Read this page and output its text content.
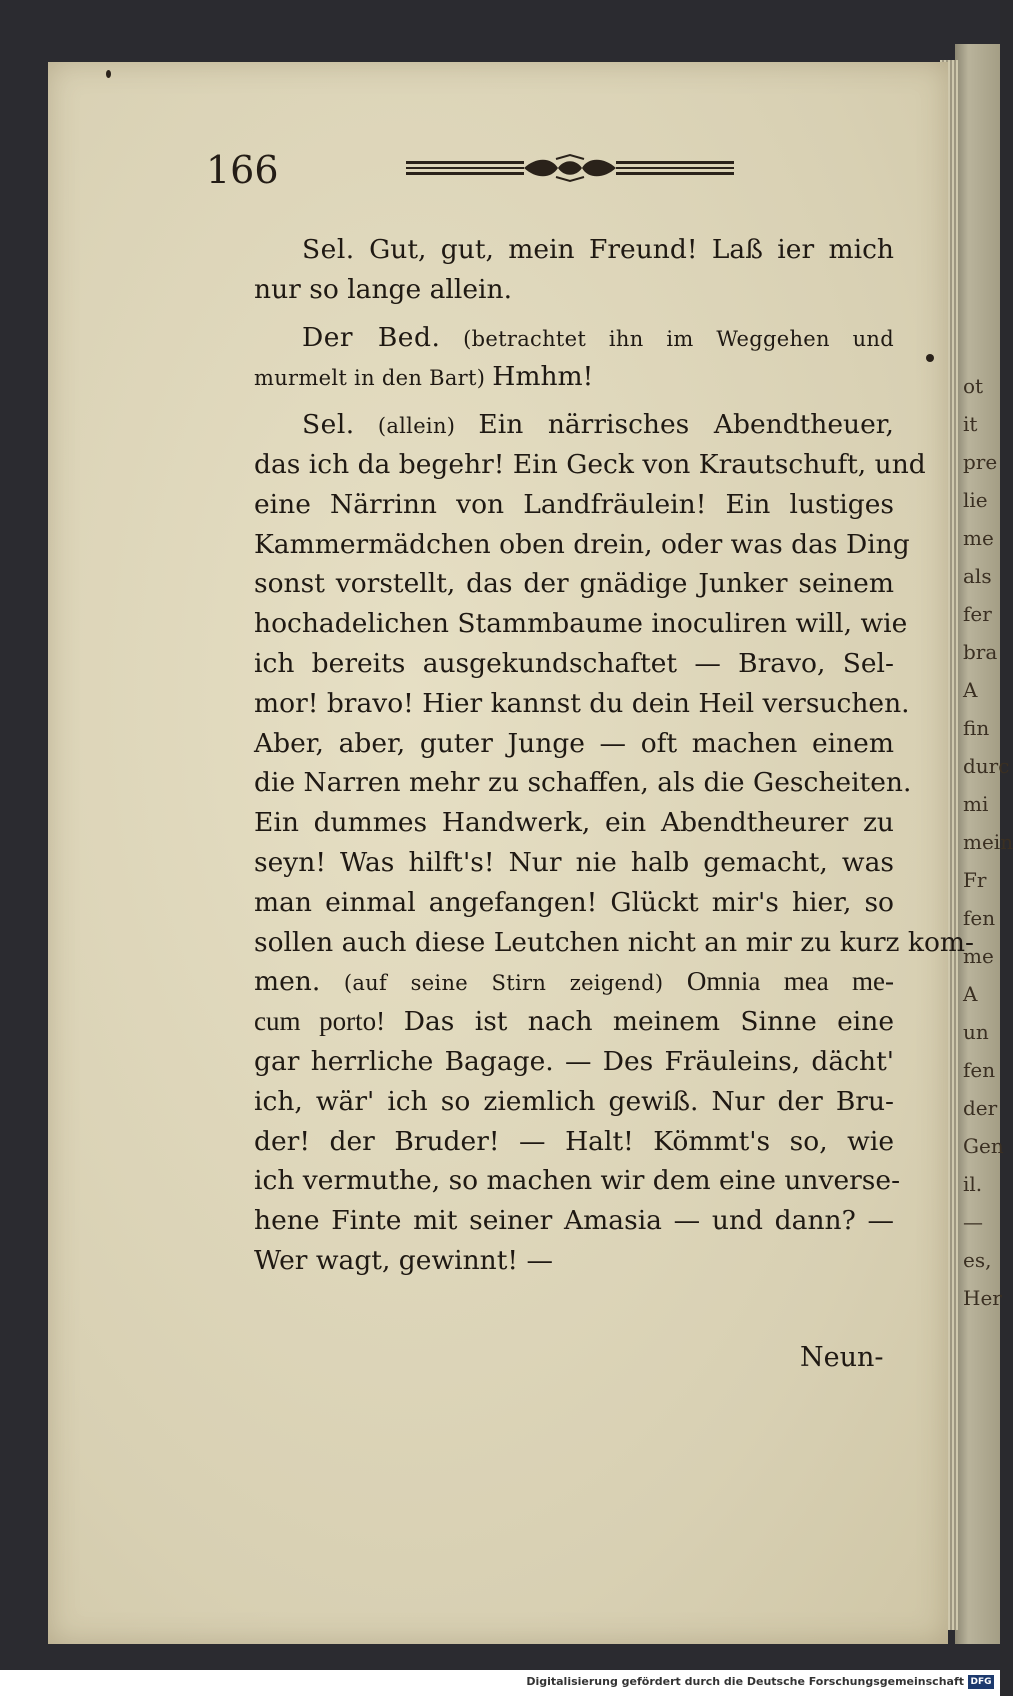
ot
it
pre
lie
me
als
fer
bra
A
fin
durc
mi
mein
Fr
fen
me
A
un
fen
der
Gen
il.
—
es,
Her
166
Sel. Gut, gut, mein Freund! Laß ier mich
nur so lange allein.
Der Bed. (betrachtet ihn im Weggehen und
murmelt in den Bart) Hmhm!
Sel. (allein) Ein närrisches Abendtheuer,
das ich da begehr! Ein Geck von Krautschuft, und
eine Närrinn von Landfräulein! Ein lustiges
Kammermädchen oben drein, oder was das Ding
sonst vorstellt, das der gnädige Junker seinem
hochadelichen Stammbaume inoculiren will, wie
ich bereits ausgekundschaftet — Bravo, Sel-
mor! bravo! Hier kannst du dein Heil versuchen.
Aber, aber, guter Junge — oft machen einem
die Narren mehr zu schaffen, als die Gescheiten.
Ein dummes Handwerk, ein Abendtheurer zu
seyn! Was hilft's! Nur nie halb gemacht, was
man einmal angefangen! Glückt mir's hier, so
sollen auch diese Leutchen nicht an mir zu kurz kom-
men. (auf seine Stirn zeigend) Omnia mea me-
cum porto! Das ist nach meinem Sinne eine
gar herrliche Bagage. — Des Fräuleins, dächt'
ich, wär' ich so ziemlich gewiß. Nur der Bru-
der! der Bruder! — Halt! Kömmt's so, wie
ich vermuthe, so machen wir dem eine unverse-
hene Finte mit seiner Amasia — und dann? —
Wer wagt, gewinnt! —
Neun-
Digitalisierung gefördert durch die Deutsche Forschungsgemeinschaft DFG
